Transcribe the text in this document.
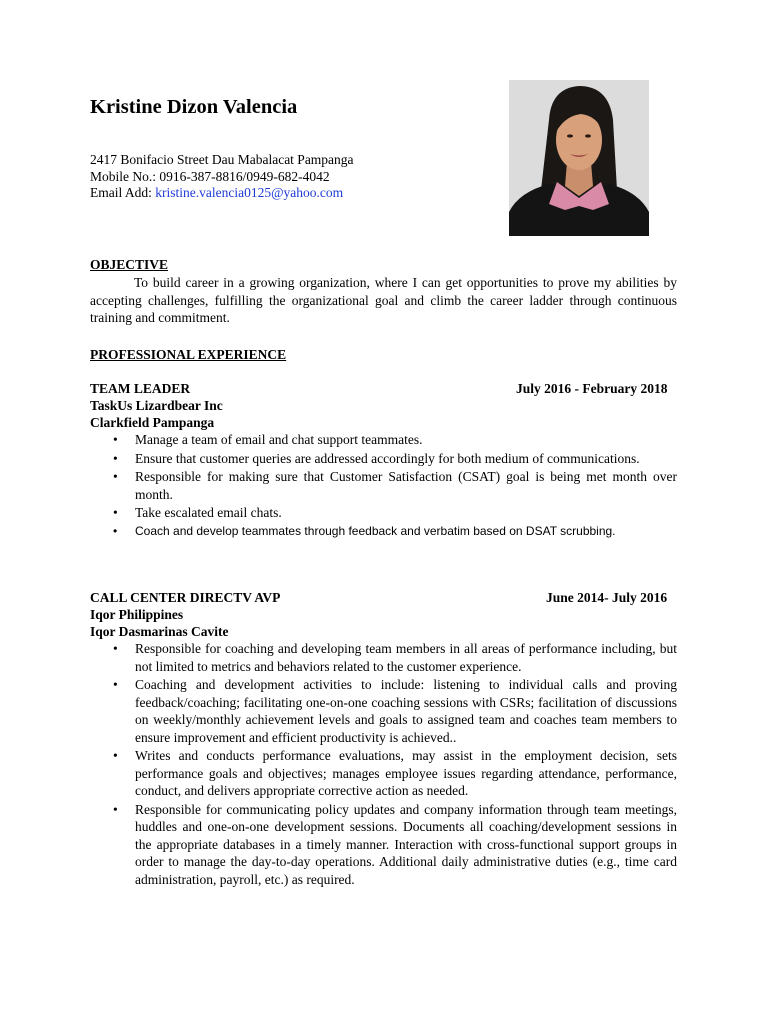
Kristine Dizon Valencia
2417 Bonifacio Street Dau Mabalacat Pampanga
Mobile No.: 0916-387-8816/0949-682-4042
Email Add: kristine.valencia0125@yahoo.com
OBJECTIVE
To build career in a growing organization, where I can get opportunities to prove my abilities by accepting challenges, fulfilling the organizational goal and climb the career ladder through continuous training and commitment.
PROFESSIONAL EXPERIENCE
TEAM LEADER	July 2016 - February 2018
TaskUs Lizardbear Inc
Clarkfield Pampanga
• Manage a team of email and chat support teammates.
• Ensure that customer queries are addressed accordingly for both medium of communications.
• Responsible for making sure that Customer Satisfaction (CSAT) goal is being met month over month.
• Take escalated email chats.
• Coach and develop teammates through feedback and verbatim based on DSAT scrubbing.
CALL CENTER DIRECTV AVP	June 2014- July 2016
Iqor Philippines
Iqor Dasmarinas Cavite
• Responsible for coaching and developing team members in all areas of performance including, but not limited to metrics and behaviors related to the customer experience.
• Coaching and development activities to include: listening to individual calls and proving feedback/coaching; facilitating one-on-one coaching sessions with CSRs; facilitation of discussions on weekly/monthly achievement levels and goals to assigned team and coaches team members to ensure improvement and efficient productivity is achieved..
• Writes and conducts performance evaluations, may assist in the employment decision, sets performance goals and objectives; manages employee issues regarding attendance, performance, conduct, and delivers appropriate corrective action as needed.
• Responsible for communicating policy updates and company information through team meetings, huddles and one-on-one development sessions. Documents all coaching/development sessions in the appropriate databases in a timely manner. Interaction with cross-functional support groups in order to manage the day-to-day operations. Additional daily administrative duties (e.g., time card administration, payroll, etc.) as required.
